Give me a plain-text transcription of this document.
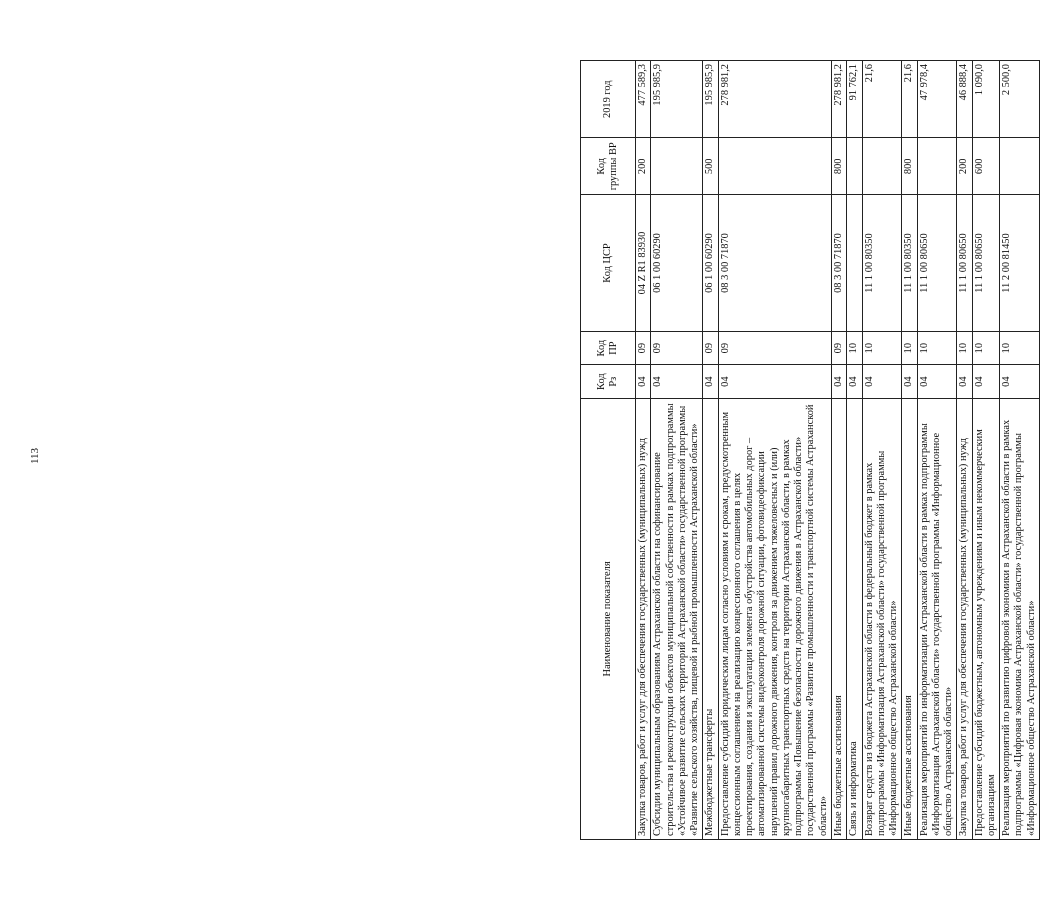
113
Наименование показателя	Код Рз	Код ПР	Код ЦСР	Код группы ВР	2019 год
Закупка товаров, работ и услуг для обеспечения государственных (муниципальных) нужд	04	09	04 Z R1 83930	200	477 589,3
Субсидии муниципальным образованиям Астраханской области на софинансирование строительства и реконструкции объектов муниципальной собственности в рамках подпрограммы «Устойчивое развитие сельских территорий Астраханской области» государственной программы «Развитие сельского хозяйства, пищевой и рыбной промышленности Астраханской области»	04	09	06 1 00 60290		195 985,9
Межбюджетные трансферты	04	09	06 1 00 60290	500	195 985,9
Предоставление субсидий юридическим лицам согласно условиям и срокам, предусмотренным концессионным соглашением на реализацию концессионного соглашения в целях проектирования, создания и эксплуатации элемента обустройства автомобильных дорог – автоматизированной системы видеоконтроля дорожной ситуации, фотовидеофиксации нарушений правил дорожного движения, контроля за движением тяжеловесных и (или) крупногабаритных транспортных средств на территории Астраханской области, в рамках подпрограммы «Повышение безопасности дорожного движения в Астраханской области» государственной программы «Развитие промышленности и транспортной системы Астраханской области»	04	09	08 3 00 71870		278 981,2
Иные бюджетные ассигнования	04	09	08 3 00 71870	800	278 981,2
Связь и информатика	04	10			91 762,1
Возврат средств из бюджета Астраханской области в федеральный бюджет в рамках подпрограммы «Информатизация Астраханской области» государственной программы «Информационное общество Астраханской области»	04	10	11 1 00 80350		21,6
Иные бюджетные ассигнования	04	10	11 1 00 80350	800	21,6
Реализация мероприятий по информатизации Астраханской области в рамках подпрограммы «Информатизация Астраханской области» государственной программы «Информационное общество Астраханской области»	04	10	11 1 00 80650		47 978,4
Закупка товаров, работ и услуг для обеспечения государственных (муниципальных) нужд	04	10	11 1 00 80650	200	46 888,4
Предоставление субсидий бюджетным, автономным учреждениям и иным некоммерческим организациям	04	10	11 1 00 80650	600	1 090,0
Реализация мероприятий по развитию цифровой экономики в Астраханской области в рамках подпрограммы «Цифровая экономика Астраханской области» государственной программы «Информационное общество Астраханской области»	04	10	11 2 00 81450		2 500,0
